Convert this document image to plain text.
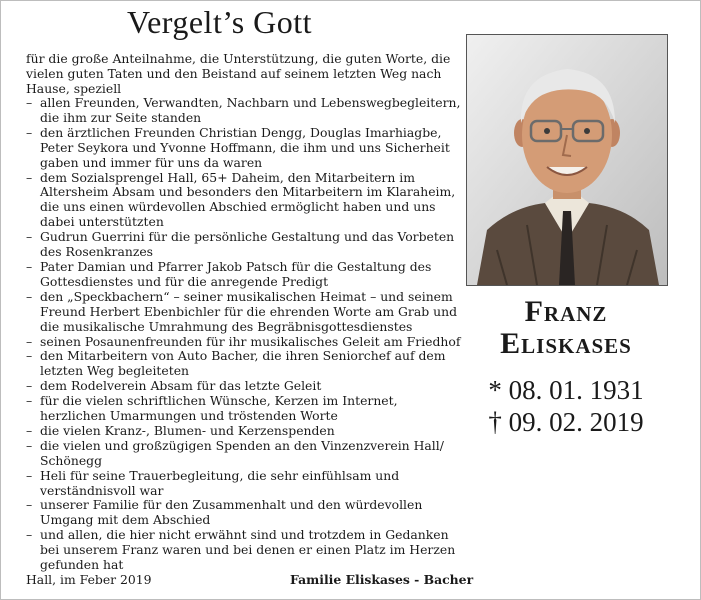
Vergelt’s Gott

für die große Anteilnahme, die Unterstützung, die guten Worte, die
vielen guten Taten und den Beistand auf seinem letzten Weg nach
Hause, speziell

– allen Freunden, Verwandten, Nachbarn und Lebenswegbegleitern,
die ihm zur Seite standen
– den ärztlichen Freunden Christian Dengg, Douglas Imarhiagbe,
Peter Seykora und Yvonne Hoffmann, die ihm und uns Sicherheit
gaben und immer für uns da waren
– dem Sozialsprengel Hall, 65+ Daheim, den Mitarbeitern im
Altersheim Absam und besonders den Mitarbeitern im Klaraheim,
die uns einen würdevollen Abschied ermöglicht haben und uns
dabei unterstützten
– Gudrun Guerrini für die persönliche Gestaltung und das Vorbeten
des Rosenkranzes
– Pater Damian und Pfarrer Jakob Patsch für die Gestaltung des
Gottesdienstes und für die anregende Predigt
– den „Speckbachern“ – seiner musikalischen Heimat – und seinem
Freund Herbert Ebenbichler für die ehrenden Worte am Grab und
die musikalische Umrahmung des Begräbnisgottesdienstes
– seinen Posaunenfreunden für ihr musikalisches Geleit am Friedhof
– den Mitarbeitern von Auto Bacher, die ihren Seniorchef auf dem
letzten Weg begleiteten
– dem Rodelverein Absam für das letzte Geleit
– für die vielen schriftlichen Wünsche, Kerzen im Internet,
herzlichen Umarmungen und tröstenden Worte
– die vielen Kranz-, Blumen- und Kerzenspenden
– die vielen und großzügigen Spenden an den Vinzenzverein Hall/
Schönegg
– Heli für seine Trauerbegleitung, die sehr einfühlsam und
verständnisvoll war
– unserer Familie für den Zusammenhalt und den würdevollen
Umgang mit dem Abschied
– und allen, die hier nicht erwähnt sind und trotzdem in Gedanken
bei unserem Franz waren und bei denen er einen Platz im Herzen
gefunden hat

Hall, im Feber 2019	Familie Eliskases - Bacher

Franz
Eliskases
* 08. 01. 1931
† 09. 02. 2019
